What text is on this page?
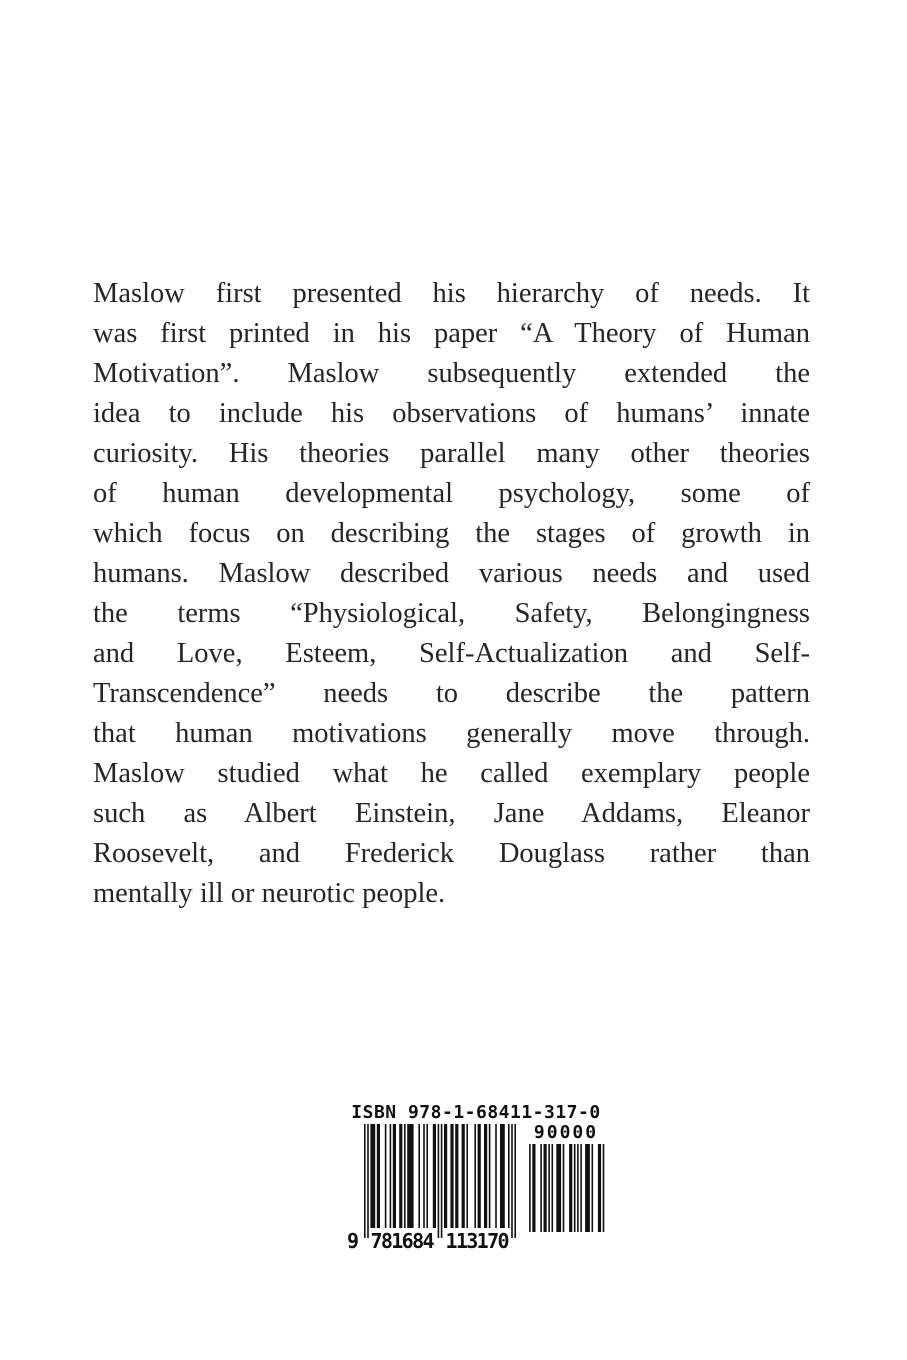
Maslow first presented his hierarchy of needs. It
was first printed in his paper “A Theory of Human
Motivation”. Maslow subsequently extended the
idea to include his observations of humans’ innate
curiosity. His theories parallel many other theories
of human developmental psychology, some of
which focus on describing the stages of growth in
humans. Maslow described various needs and used
the terms “Physiological, Safety, Belongingness
and Love, Esteem, Self-Actualization and Self-
Transcendence” needs to describe the pattern
that human motivations generally move through.
Maslow studied what he called exemplary people
such as Albert Einstein, Jane Addams, Eleanor
Roosevelt, and Frederick Douglass rather than
mentally ill or neurotic people.
ISBN 978-1-68411-317-0
9 781684 113170
90000
